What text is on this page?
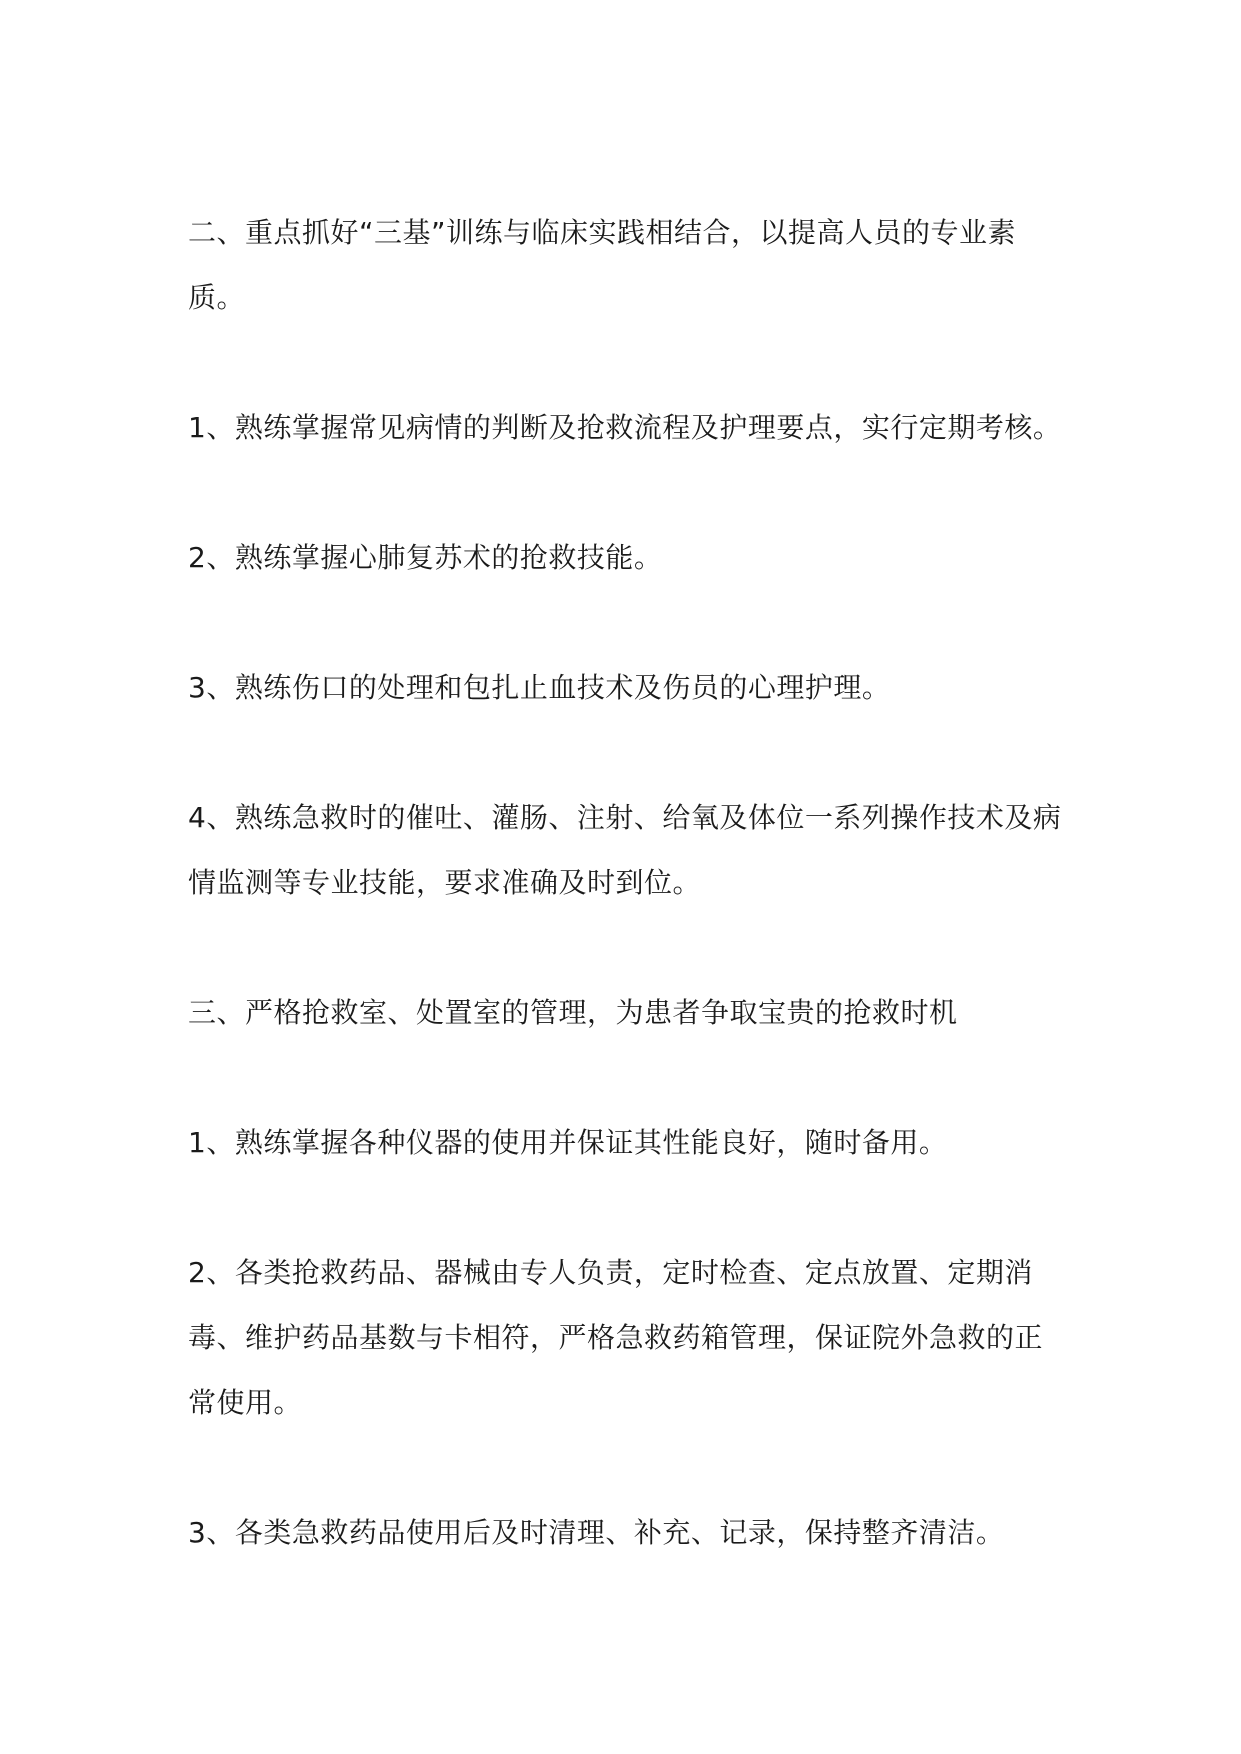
二、重点抓好“三基”训练与临床实践相结合，以提高人员的专业素质。

1、熟练掌握常见病情的判断及抢救流程及护理要点，实行定期考核。

2、熟练掌握心肺复苏术的抢救技能。

3、熟练伤口的处理和包扎止血技术及伤员的心理护理。

4、熟练急救时的催吐、灌肠、注射、给氧及体位一系列操作技术及病情监测等专业技能，要求准确及时到位。

三、严格抢救室、处置室的管理，为患者争取宝贵的抢救时机

1、熟练掌握各种仪器的使用并保证其性能良好，随时备用。

2、各类抢救药品、器械由专人负责，定时检查、定点放置、定期消毒、维护药品基数与卡相符，严格急救药箱管理，保证院外急救的正常使用。

3、各类急救药品使用后及时清理、补充、记录，保持整齐清洁。
